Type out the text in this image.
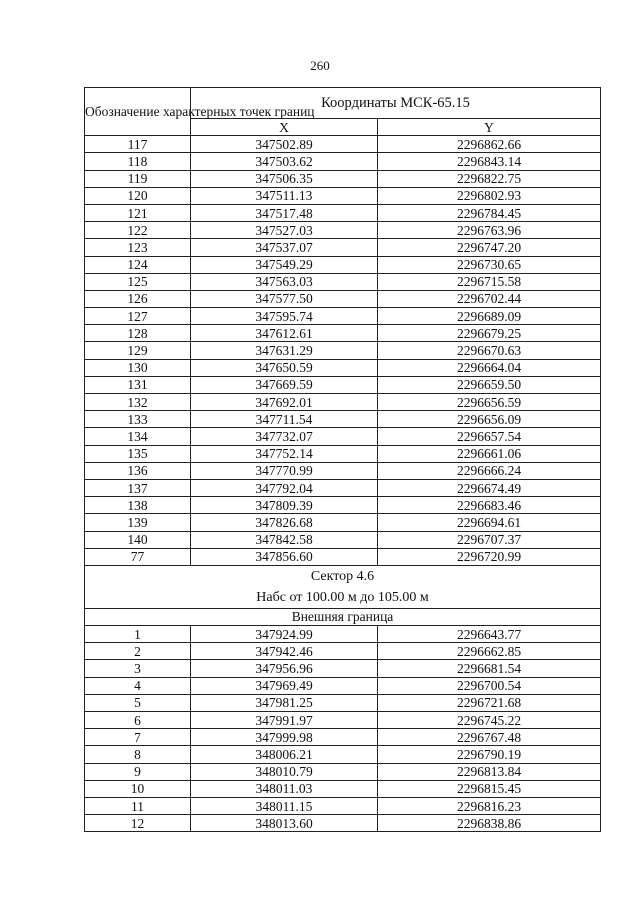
260
Обозначение характерных точек границ	Координаты МСК-65.15	
	X	Y
117	347502.89	2296862.66
118	347503.62	2296843.14
119	347506.35	2296822.75
120	347511.13	2296802.93
121	347517.48	2296784.45
122	347527.03	2296763.96
123	347537.07	2296747.20
124	347549.29	2296730.65
125	347563.03	2296715.58
126	347577.50	2296702.44
127	347595.74	2296689.09
128	347612.61	2296679.25
129	347631.29	2296670.63
130	347650.59	2296664.04
131	347669.59	2296659.50
132	347692.01	2296656.59
133	347711.54	2296656.09
134	347732.07	2296657.54
135	347752.14	2296661.06
136	347770.99	2296666.24
137	347792.04	2296674.49
138	347809.39	2296683.46
139	347826.68	2296694.61
140	347842.58	2296707.37
77	347856.60	2296720.99
Сектор 4.6		
Набс от 100.00 м до 105.00 м		
Внешняя граница		
1	347924.99	2296643.77
2	347942.46	2296662.85
3	347956.96	2296681.54
4	347969.49	2296700.54
5	347981.25	2296721.68
6	347991.97	2296745.22
7	347999.98	2296767.48
8	348006.21	2296790.19
9	348010.79	2296813.84
10	348011.03	2296815.45
11	348011.15	2296816.23
12	348013.60	2296838.86
